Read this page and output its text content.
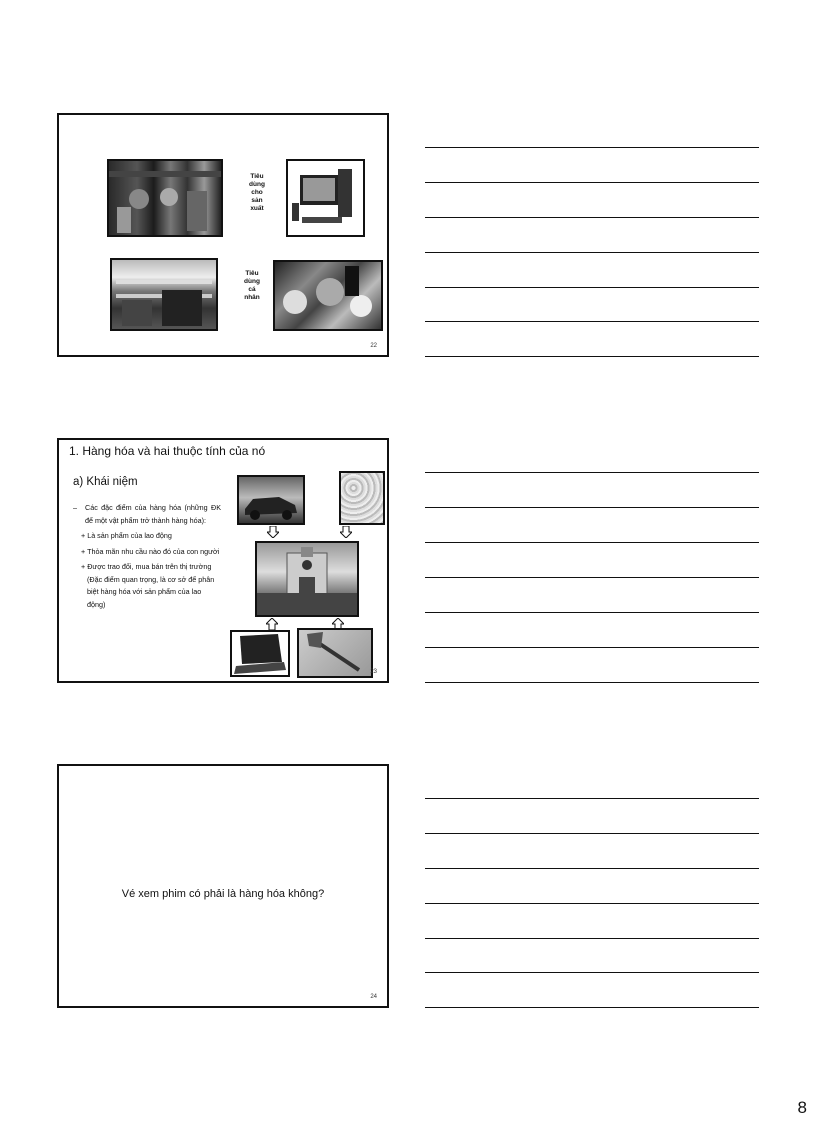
Tiêu
dùng
cho
sản
xuất
Tiêu
dùng
cá
nhân
22
1. Hàng hóa và hai thuộc tính của nó
a) Khái niệm
–	Các đặc điểm của hàng hóa (những ĐK để một vật phẩm trở thành hàng hóa):
+ Là sản phẩm của lao động
+ Thỏa mãn nhu cầu nào đó của con người
+ Được trao đổi, mua bán trên thị trường (Đặc điểm quan trọng, là cơ sở để phân biệt hàng hóa với sản phẩm của lao động)
23
Vé xem phim có phải là hàng hóa không?
24
8
